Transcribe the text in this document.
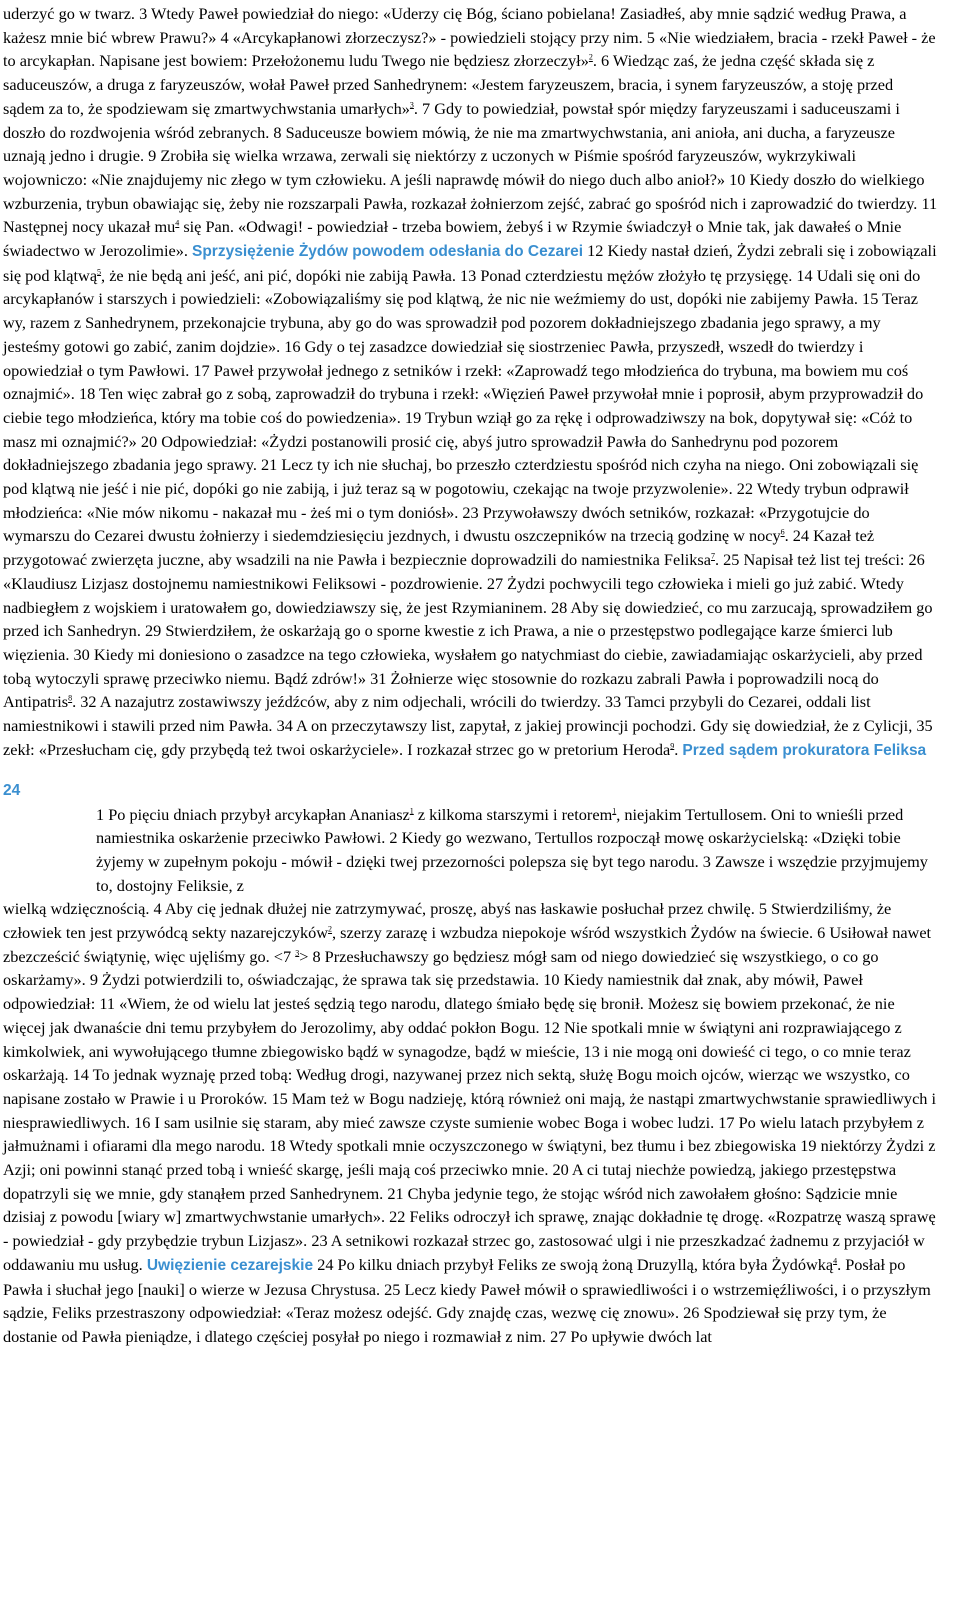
uderzyć go w twarz. 3 Wtedy Paweł powiedział do niego: «Uderzy cię Bóg, ściano pobielana! Zasiadłeś, aby mnie sądzić według Prawa, a każesz mnie bić wbrew Prawu?» 4 «Arcykapłanowi złorzeczysz?» - powiedzieli stojący przy nim. 5 «Nie wiedziałem, bracia - rzekł Paweł - że to arcykapłan. Napisane jest bowiem: Przełożonemu ludu Twego nie będziesz złorzeczył»$^2$. 6 Wiedząc zaś, że jedna część składa się z saduceuszów, a druga z faryzeuszów, wołał Paweł przed Sanhedrynem: «Jestem faryzeuszem, bracia, i synem faryzeuszów, a stoję przed sądem za to, że spodziewam się zmartwychwstania umarłych»$^3$. 7 Gdy to powiedział, powstał spór między faryzeuszami i saduceuszami i doszło do rozdwojenia wśród zebranych. 8 Saduceusze bowiem mówią, że nie ma zmartwychwstania, ani anioła, ani ducha, a faryzeusze uznają jedno i drugie. 9 Zrobiła się wielka wrzawa, zerwali się niektórzy z uczonych w Piśmie spośród faryzeuszów, wykrzykiwali wojowniczo: «Nie znajdujemy nic złego w tym człowieku. A jeśli naprawdę mówił do niego duch albo anioł?» 10 Kiedy doszło do wielkiego wzburzenia, trybun obawiając się, żeby nie rozszarpali Pawła, rozkazał żołnierzom zejść, zabrać go spośród nich i zaprowadzić do twierdzy. 11 Następnej nocy ukazał mu$^4$ się Pan. «Odwagi! - powiedział - trzeba bowiem, żebyś i w Rzymie świadczył o Mnie tak, jak dawałeś o Mnie świadectwo w Jerozolimie». Sprzysiężenie Żydów powodem odesłania do Cezarei 12 Kiedy nastał dzień, Żydzi zebrali się i zobowiązali się pod klątwą$^5$, że nie będą ani jeść, ani pić, dopóki nie zabiją Pawła. 13 Ponad czterdziestu mężów złożyło tę przysięgę. 14 Udali się oni do arcykapłanów i starszych i powiedzieli: «Zobowiązaliśmy się pod klątwą, że nic nie weźmiemy do ust, dopóki nie zabijemy Pawła. 15 Teraz wy, razem z Sanhedrynem, przekonajcie trybuna, aby go do was sprowadził pod pozorem dokładniejszego zbadania jego sprawy, a my jesteśmy gotowi go zabić, zanim dojdzie». 16 Gdy o tej zasadzce dowiedział się siostrzeniec Pawła, przyszedł, wszedł do twierdzy i opowiedział o tym Pawłowi. 17 Paweł przywołał jednego z setników i rzekł: «Zaprowadź tego młodzieńca do trybuna, ma bowiem mu coś oznajmić». 18 Ten więc zabrał go z sobą, zaprowadził do trybuna i rzekł: «Więzień Paweł przywołał mnie i poprosił, abym przyprowadził do ciebie tego młodzieńca, który ma tobie coś do powiedzenia». 19 Trybun wziął go za rękę i odprowadziwszy na bok, dopytywał się: «Cóż to masz mi oznajmić?» 20 Odpowiedział: «Żydzi postanowili prosić cię, abyś jutro sprowadził Pawła do Sanhedrynu pod pozorem dokładniejszego zbadania jego sprawy. 21 Lecz ty ich nie słuchaj, bo przeszło czterdziestu spośród nich czyha na niego. Oni zobowiązali się pod klątwą nie jeść i nie pić, dopóki go nie zabiją, i już teraz są w pogotowiu, czekając na twoje przyzwolenie». 22 Wtedy trybun odprawił młodzieńca: «Nie mów nikomu - nakazał mu - żeś mi o tym doniósł». 23 Przywoławszy dwóch setników, rozkazał: «Przygotujcie do wymarszu do Cezarei dwustu żołnierzy i siedemdziesięciu jezdnych, i dwustu oszczepników na trzecią godzinę w nocy$^6$. 24 Kazał też przygotować zwierzęta juczne, aby wsadzili na nie Pawła i bezpiecznie doprowadzili do namiestnika Feliksa$^7$. 25 Napisał też list tej treści: 26 «Klaudiusz Lizjasz dostojnemu namiestnikowi Feliksowi - pozdrowienie. 27 Żydzi pochwycili tego człowieka i mieli go już zabić. Wtedy nadbiegłem z wojskiem i uratowałem go, dowiedziawszy się, że jest Rzymianinem. 28 Aby się dowiedzieć, co mu zarzucają, sprowadziłem go przed ich Sanhedryn. 29 Stwierdziłem, że oskarżają go o sporne kwestie z ich Prawa, a nie o przestępstwo podlegające karze śmierci lub więzienia. 30 Kiedy mi doniesiono o zasadzce na tego człowieka, wysłałem go natychmiast do ciebie, zawiadamiając oskarżycieli, aby przed tobą wytoczyli sprawę przeciwko niemu. Bądź zdrów!» 31 Żołnierze więc stosownie do rozkazu zabrali Pawła i poprowadzili nocą do Antipatris$^8$. 32 A nazajutrz zostawiwszy jeźdźców, aby z nim odjechali, wrócili do twierdzy. 33 Tamci przybyli do Cezarei, oddali list namiestnikowi i stawili przed nim Pawła. 34 A on przeczytawszy list, zapytał, z jakiej prowincji pochodzi. Gdy się dowiedział, że z Cylicji, 35 zekł: «Przesłucham cię, gdy przybędą też twoi oskarżyciele». I rozkazał strzec go w pretorium Heroda$^9$. Przed sądem prokuratora Feliksa

24

1 Po pięciu dniach przybył arcykapłan Ananiasz$^1$ z kilkoma starszymi i retorem$^1$, niejakim Tertullosem. Oni to wnieśli przed namiestnika oskarżenie przeciwko Pawłowi. 2 Kiedy go wezwano, Tertullos rozpoczął mowę oskarżycielską: «Dzięki tobie żyjemy w zupełnym pokoju - mówił - dzięki twej przezorności polepsza się byt tego narodu. 3 Zawsze i wszędzie przyjmujemy to, dostojny Feliksie, z

wielką wdzięcznością. 4 Aby cię jednak dłużej nie zatrzymywać, proszę, abyś nas łaskawie posłuchał przez chwilę. 5 Stwierdziliśmy, że człowiek ten jest przywódcą sekty nazarejczyków$^2$, szerzy zarazę i wzbudza niepokoje wśród wszystkich Żydów na świecie. 6 Usiłował nawet zbezcześcić świątynię, więc ujęliśmy go. <7 $^3$> 8 Przesłuchawszy go będziesz mógł sam od niego dowiedzieć się wszystkiego, o co go oskarżamy». 9 Żydzi potwierdzili to, oświadczając, że sprawa tak się przedstawia. 10 Kiedy namiestnik dał znak, aby mówił, Paweł odpowiedział: 11 «Wiem, że od wielu lat jesteś sędzią tego narodu, dlatego śmiało będę się bronił. Możesz się bowiem przekonać, że nie więcej jak dwanaście dni temu przybyłem do Jerozolimy, aby oddać pokłon Bogu. 12 Nie spotkali mnie w świątyni ani rozprawiającego z kimkolwiek, ani wywołującego tłumne zbiegowisko bądź w synagodze, bądź w mieście, 13 i nie mogą oni dowieść ci tego, o co mnie teraz oskarżają. 14 To jednak wyznaję przed tobą: Według drogi, nazywanej przez nich sektą, służę Bogu moich ojców, wierząc we wszystko, co napisane zostało w Prawie i u Proroków. 15 Mam też w Bogu nadzieję, którą również oni mają, że nastąpi zmartwychwstanie sprawiedliwych i niesprawiedliwych. 16 I sam usilnie się staram, aby mieć zawsze czyste sumienie wobec Boga i wobec ludzi. 17 Po wielu latach przybyłem z jałmużnami i ofiarami dla mego narodu. 18 Wtedy spotkali mnie oczyszczonego w świątyni, bez tłumu i bez zbiegowiska 19 niektórzy Żydzi z Azji; oni powinni stanąć przed tobą i wnieść skargę, jeśli mają coś przeciwko mnie. 20 A ci tutaj niechże powiedzą, jakiego przestępstwa dopatrzyli się we mnie, gdy stanąłem przed Sanhedrynem. 21 Chyba jedynie tego, że stojąc wśród nich zawołałem głośno: Sądzicie mnie dzisiaj z powodu [wiary w] zmartwychwstanie umarłych». 22 Feliks odroczył ich sprawę, znając dokładnie tę drogę. «Rozpatrzę waszą sprawę - powiedział - gdy przybędzie trybun Lizjasz». 23 A setnikowi rozkazał strzec go, zastosować ulgi i nie przeszkadzać żadnemu z przyjaciół w oddawaniu mu usług. Uwięzienie cezarejskie 24 Po kilku dniach przybył Feliks ze swoją żoną Druzyllą, która była Żydówką$^4$. Posłał po Pawła i słuchał jego [nauki] o wierze w Jezusa Chrystusa. 25 Lecz kiedy Paweł mówił o sprawiedliwości i o wstrzemięźliwości, i o przyszłym sądzie, Feliks przestraszony odpowiedział: «Teraz możesz odejść. Gdy znajdę czas, wezwę cię znowu». 26 Spodziewał się przy tym, że dostanie od Pawła pieniądze, i dlatego częściej posyłał po niego i rozmawiał z nim. 27 Po upływie dwóch lat
